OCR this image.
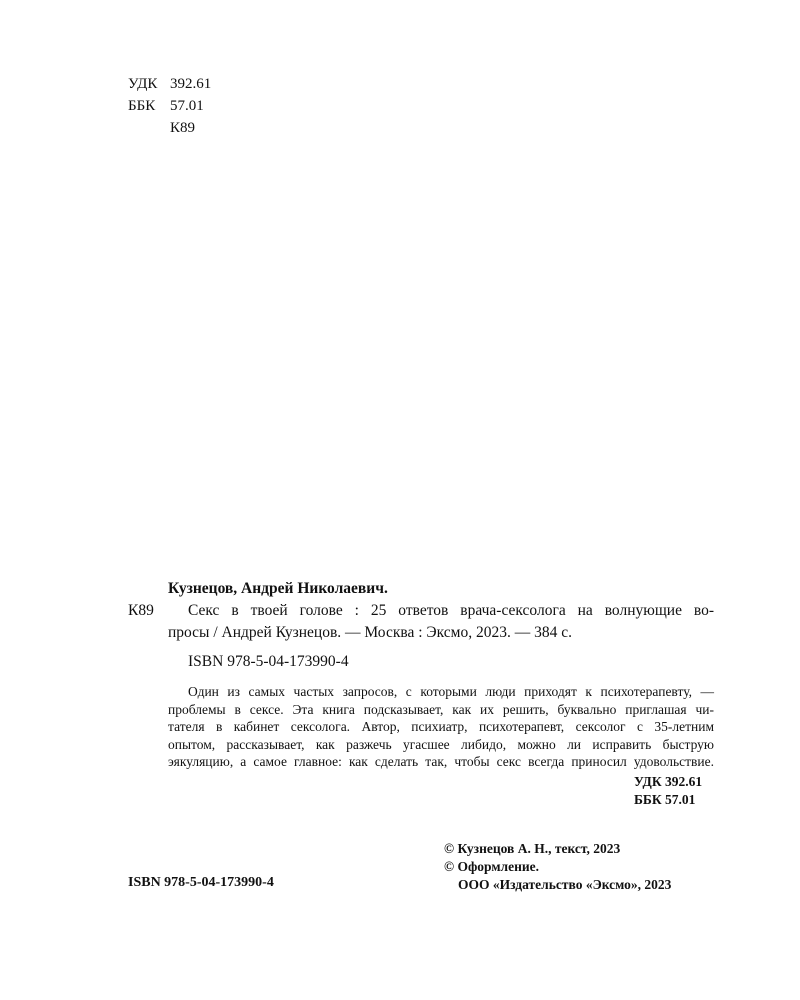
УДК 392.61
ББК 57.01
К89
Кузнецов, Андрей Николаевич.
К89 Секс в твоей голове : 25 ответов врача-сексолога на волнующие во-
просы / Андрей Кузнецов. — Москва : Эксмо, 2023. — 384 с.
ISBN 978-5-04-173990-4
Один из самых частых запросов, с которыми люди приходят к психотерапевту, —
проблемы в сексе. Эта книга подсказывает, как их решить, буквально приглашая чи-
тателя в кабинет сексолога. Автор, психиатр, психотерапевт, сексолог с 35-летним
опытом, рассказывает, как разжечь угасшее либидо, можно ли исправить быструю
эякуляцию, а самое главное: как сделать так, чтобы секс всегда приносил удовольствие.
УДК 392.61
ББК 57.01
© Кузнецов А. Н., текст, 2023
© Оформление.
ООО «Издательство «Эксмо», 2023
ISBN 978-5-04-173990-4
